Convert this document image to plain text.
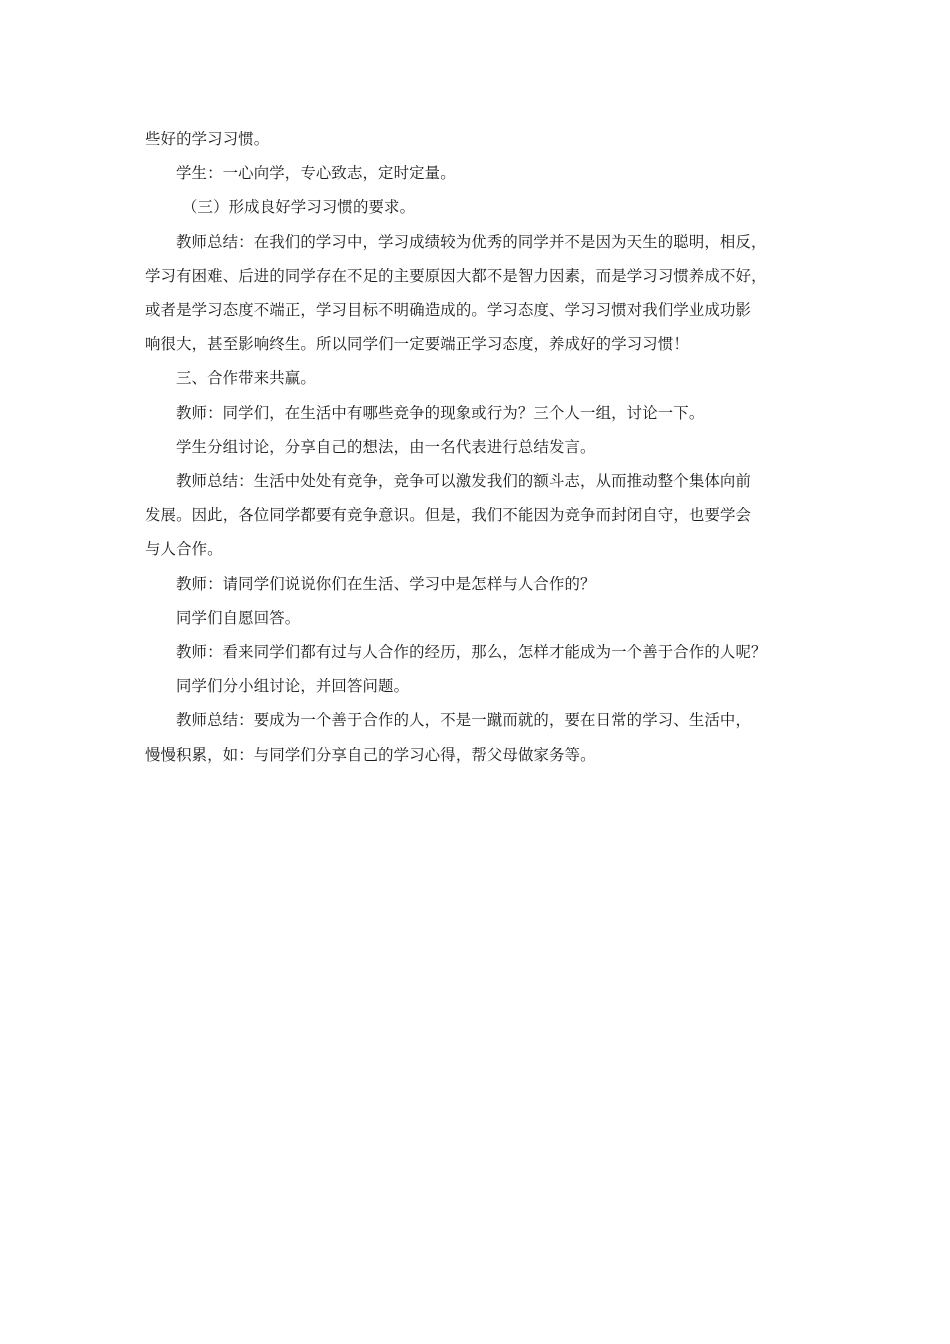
些好的学习习惯。

学生：一心向学，专心致志，定时定量。

（三）形成良好学习习惯的要求。

教师总结：在我们的学习中，学习成绩较为优秀的同学并不是因为天生的聪明，相反，

学习有困难、后进的同学存在不足的主要原因大都不是智力因素，而是学习习惯养成不好，

或者是学习态度不端正，学习目标不明确造成的。学习态度、学习习惯对我们学业成功影

响很大，甚至影响终生。所以同学们一定要端正学习态度，养成好的学习习惯！

三、合作带来共赢。

教师：同学们，在生活中有哪些竞争的现象或行为？三个人一组，讨论一下。

学生分组讨论，分享自己的想法，由一名代表进行总结发言。

教师总结：生活中处处有竞争，竞争可以激发我们的额斗志，从而推动整个集体向前

发展。因此，各位同学都要有竞争意识。但是，我们不能因为竞争而封闭自守，也要学会

与人合作。

教师：请同学们说说你们在生活、学习中是怎样与人合作的？

同学们自愿回答。

教师：看来同学们都有过与人合作的经历，那么，怎样才能成为一个善于合作的人呢？

同学们分小组讨论，并回答问题。

教师总结：要成为一个善于合作的人，不是一蹴而就的，要在日常的学习、生活中，

慢慢积累，如：与同学们分享自己的学习心得，帮父母做家务等。
